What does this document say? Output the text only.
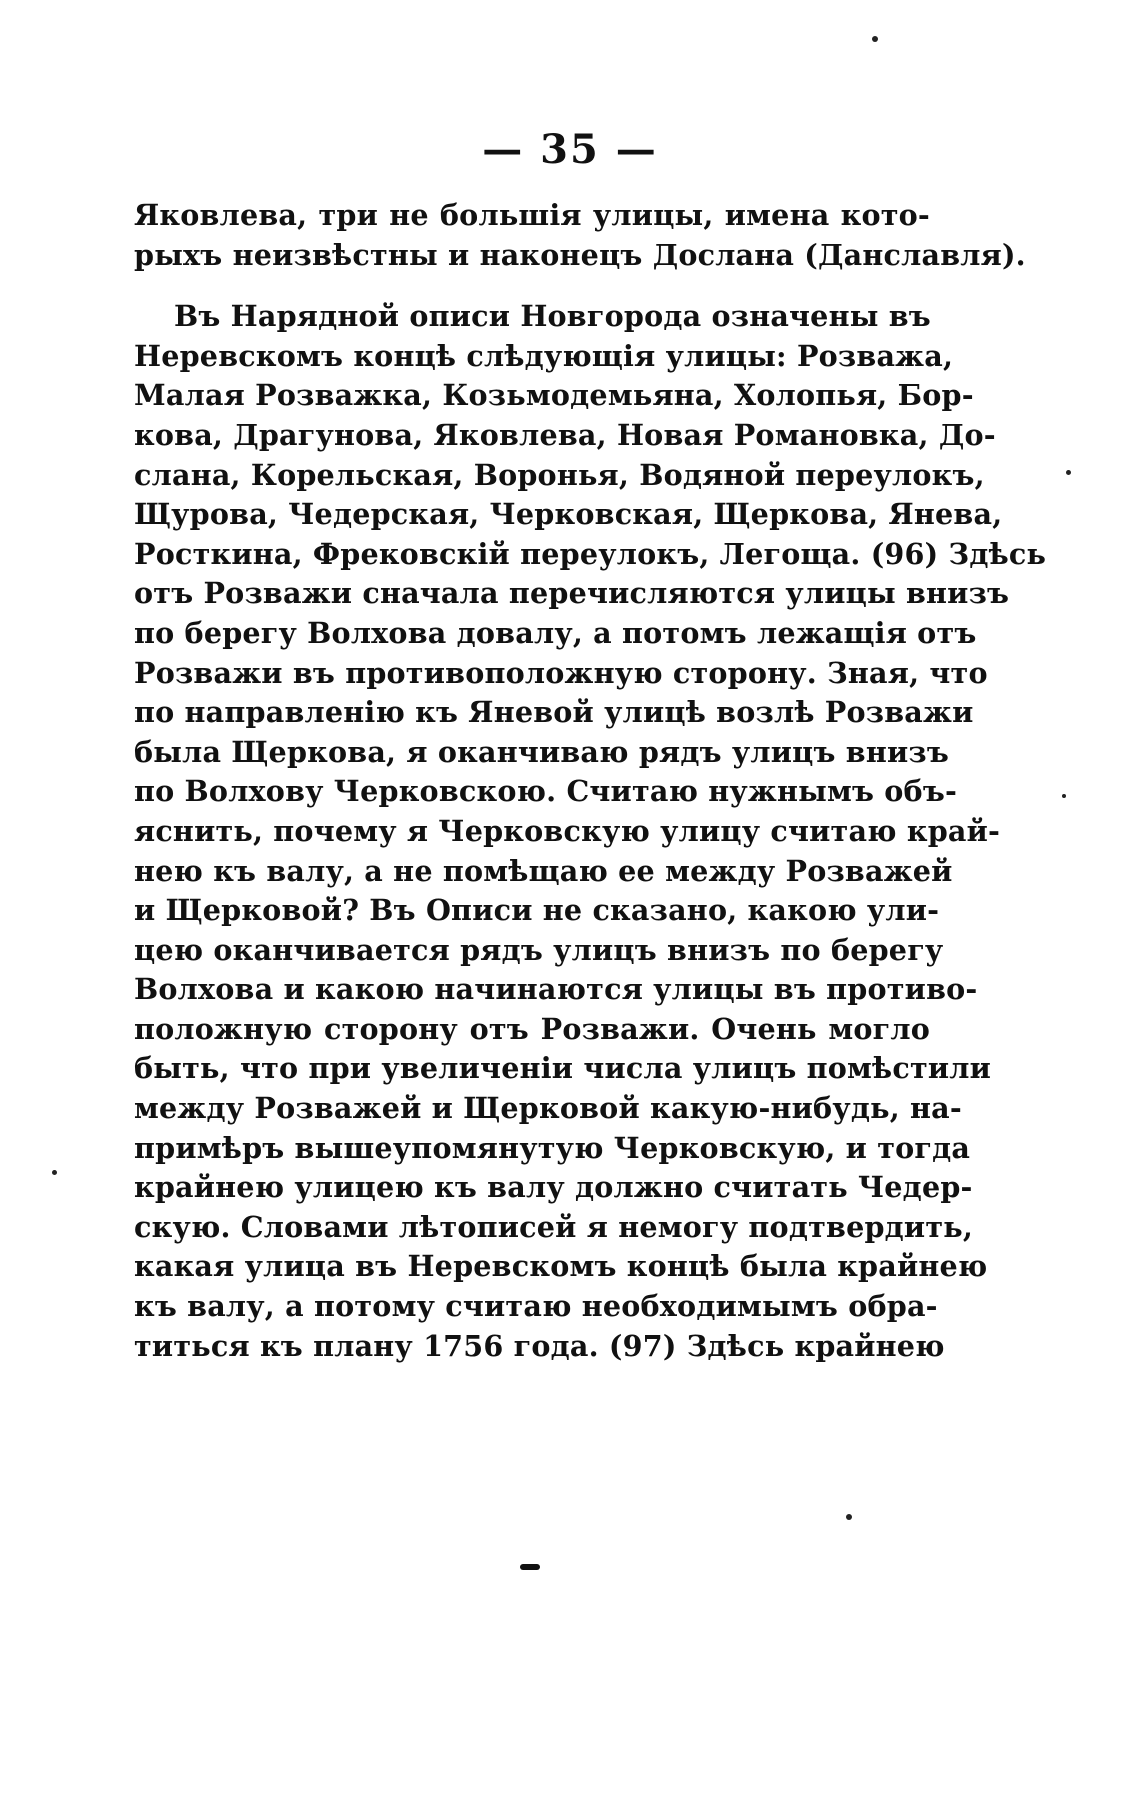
— 35 —
Яковлева, три не большія улицы, имена кото-
рыхъ неизвѣстны и наконецъ Дослана (Данславля).
Въ Нарядной описи Новгорода означены въ
Неревскомъ концѣ слѣдующія улицы: Розважа,
Малая Розважка, Козьмодемьяна, Холопья, Бор-
кова, Драгунова, Яковлева, Новая Романовка, До-
слана, Корельская, Воронья, Водяной переулокъ,
Щурова, Чедерская, Черковская, Щеркова, Янева,
Росткина, Фрековскій переулокъ, Легоща. (96) Здѣсь
отъ Розважи сначала перечисляются улицы внизъ
по берегу Волхова довалу, а потомъ лежащія отъ
Розважи въ противоположную сторону. Зная, что
по направленію къ Яневой улицѣ возлѣ Розважи
была Щеркова, я оканчиваю рядъ улицъ внизъ
по Волхову Черковскою. Считаю нужнымъ объ-
яснить, почему я Черковскую улицу считаю край-
нею къ валу, а не помѣщаю ее между Розважей
и Щерковой? Въ Описи не сказано, какою ули-
цею оканчивается рядъ улицъ внизъ по берегу
Волхова и какою начинаются улицы въ противо-
положную сторону отъ Розважи. Очень могло
быть, что при увеличеніи числа улицъ помѣстили
между Розважей и Щерковой какую-нибудь, на-
примѣръ вышеупомянутую Черковскую, и тогда
крайнею улицею къ валу должно считать Чедер-
скую. Словами лѣтописей я немогу подтвердить,
какая улица въ Неревскомъ концѣ была крайнею
къ валу, а потому считаю необходимымъ обра-
титься къ плану 1756 года. (97) Здѣсь крайнею
